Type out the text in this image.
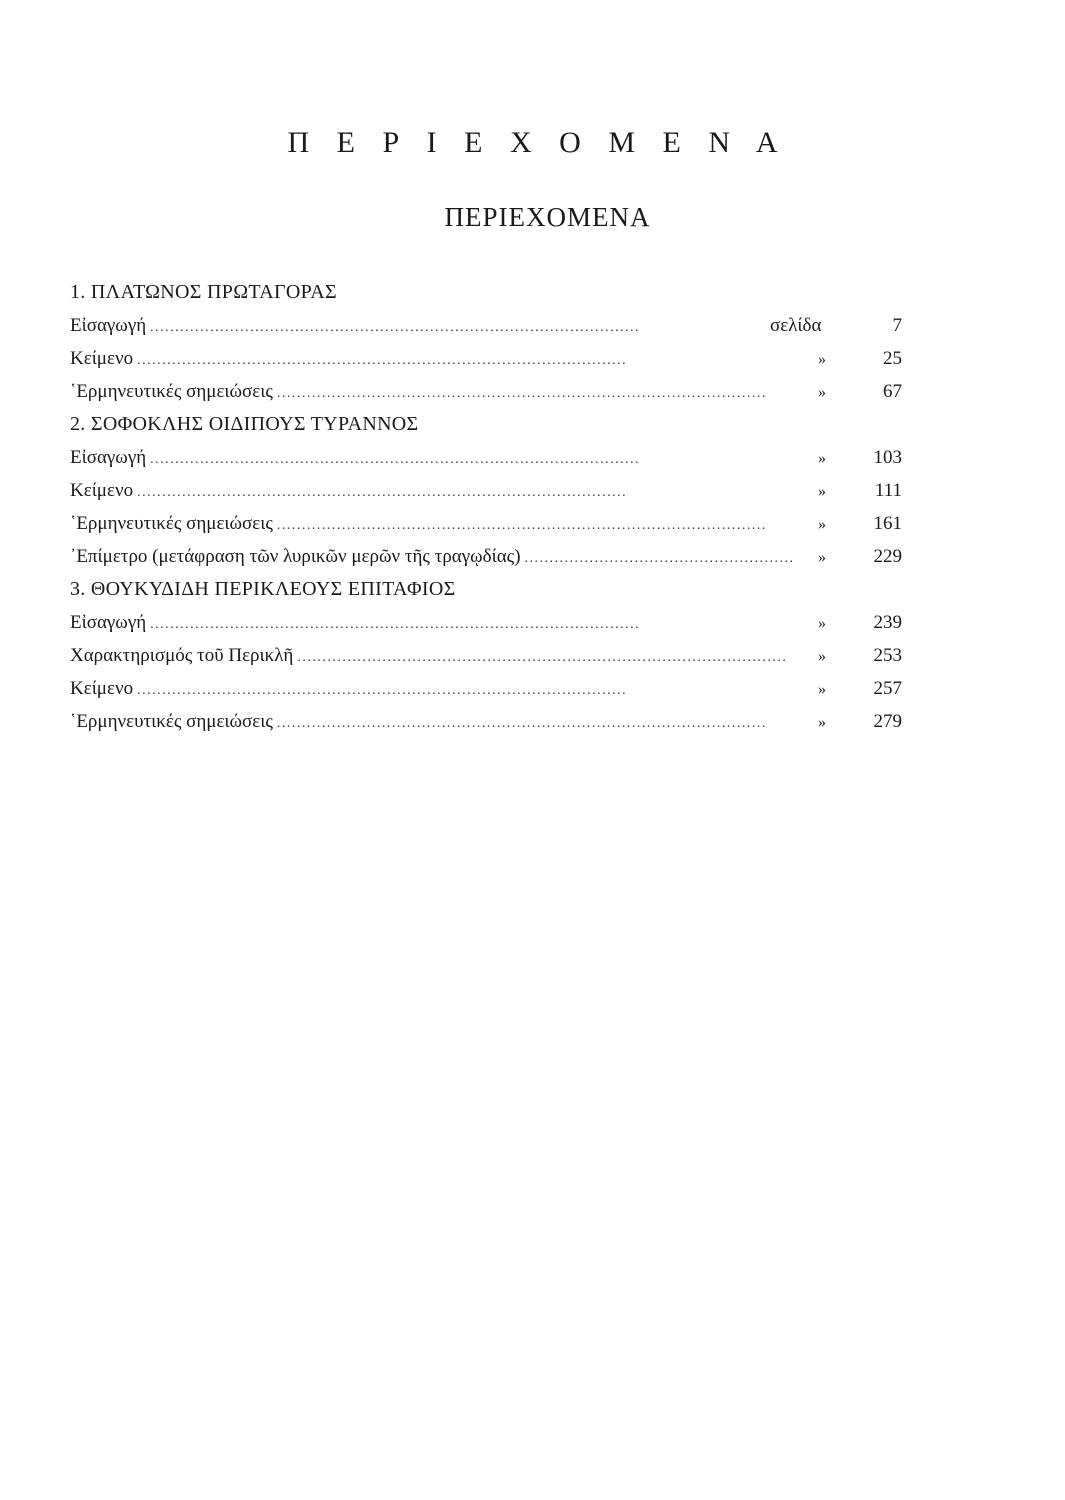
Π Ε Ρ Ι Ε Χ Ο Μ Ε Ν Α
ΠΕΡΙΕΧΟΜΕΝΑ
1. ΠΛΑΤΩΝΟΣ ΠΡΩΤΑΓΟΡΑΣ
Εἰσαγωγή . . .	σελίδα	7
Κείμενο . . .	»	25
῾Ερμηνευτικές σημειώσεις . . .	»	67
2. ΣΟΦΟΚΛΗΣ ΟΙΔΙΠΟΥΣ ΤΥΡΑΝΝΟΣ
Εἰσαγωγή . . .	»	103
Κείμενο . . .	»	111
῾Ερμηνευτικές σημειώσεις . . .	»	161
᾿Επίμετρο (μετάφραση τῶν λυρικῶν μερῶν τῆς τραγῳδίας) . . .	»	229
3. ΘΟΥΚΥΔΙΔΗ ΠΕΡΙΚΛΕΟΥΣ ΕΠΙΤΑΦΙΟΣ
Εἰσαγωγή . . .	»	239
Χαρακτηρισμός τοῦ Περικλῆ . . .	»	253
Κείμενο . . .	»	257
῾Ερμηνευτικές σημειώσεις . . .	»	279
